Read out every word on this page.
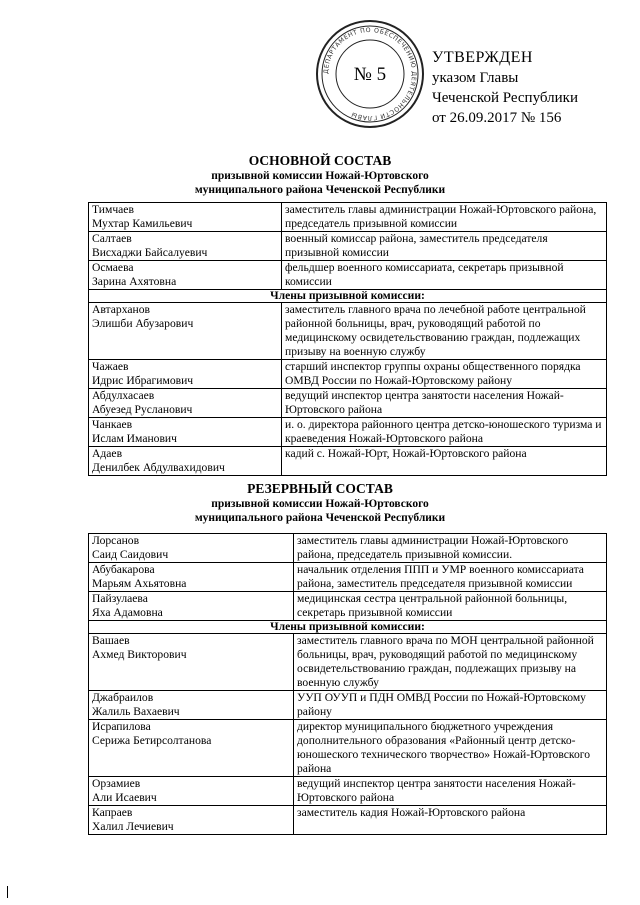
ДЕПАРТАМЕНТ ПО ОБЕСПЕЧЕНИЮ ДЕЯТЕЛЬНОСТИ ГЛАВЫ
№ 5
УТВЕРЖДЕН
указом Главы
Чеченской Республики
от 26.09.2017 № 156
ОСНОВНОЙ СОСТАВ
призывной комиссии Ножай-Юртовского
муниципального района Чеченской Республики
Тимчаев
Мухтар Камильевич	заместитель главы администрации Ножай-Юртовского района, председатель призывной комиссии

Салтаев
Висхаджи Байсалуевич	военный комиссар района, заместитель председателя призывной комиссии

Осмаева
Зарина Ахятовна	фельдшер военного комиссариата, секретарь призывной комиссии
Члены призывной комиссии:	

Автарханов
Элишби Абузарович	заместитель главного врача по лечебной работе центральной районной больницы, врач, руководящий работой по медицинскому освидетельствованию граждан, подлежащих призыву на военную службу

Чажаев
Идрис Ибрагимович	старший инспектор группы охраны общественного порядка ОМВД России по Ножай-Юртовскому району

Абдулхасаев
Абуезед Русланович	ведущий инспектор центра занятости населения Ножай-Юртовского района

Чанкаев
Ислам Иманович	и. о. директора районного центра детско-юношеского туризма и краеведения Ножай-Юртовского района

Адаев
Денилбек Абдулвахидович	кадий с. Ножай-Юрт, Ножай-Юртовского района
РЕЗЕРВНЫЙ СОСТАВ
призывной комиссии Ножай-Юртовского
муниципального района Чеченской Республики
Лорсанов
Саид Саидович	заместитель главы администрации Ножай-Юртовского района, председатель призывной комиссии.

Абубакарова
Марьям Ахьятовна	начальник отделения ППП и УМР военного комиссариата района, заместитель председателя призывной комиссии

Пайзулаева
Яха Адамовна	медицинская сестра центральной районной больницы, секретарь призывной комиссии
Члены призывной комиссии:	

Вашаев
Ахмед Викторович	заместитель главного врача по МОН центральной районной больницы, врач, руководящий работой по медицинскому освидетельствованию граждан, подлежащих призыву на военную службу

Джабраилов
Жалиль Вахаевич	УУП ОУУП и ПДН ОМВД России по Ножай-Юртовскому району

Исрапилова
Серижа Бетирсолтанова	директор муниципального бюджетного учреждения дополнительного образования «Районный центр детско-юношеского технического творчество» Ножай-Юртовского района

Орзамиев
Али Исаевич	ведущий инспектор центра занятости населения Ножай-Юртовского района

Капраев
Халил Лечиевич	заместитель кадия Ножай-Юртовского района
